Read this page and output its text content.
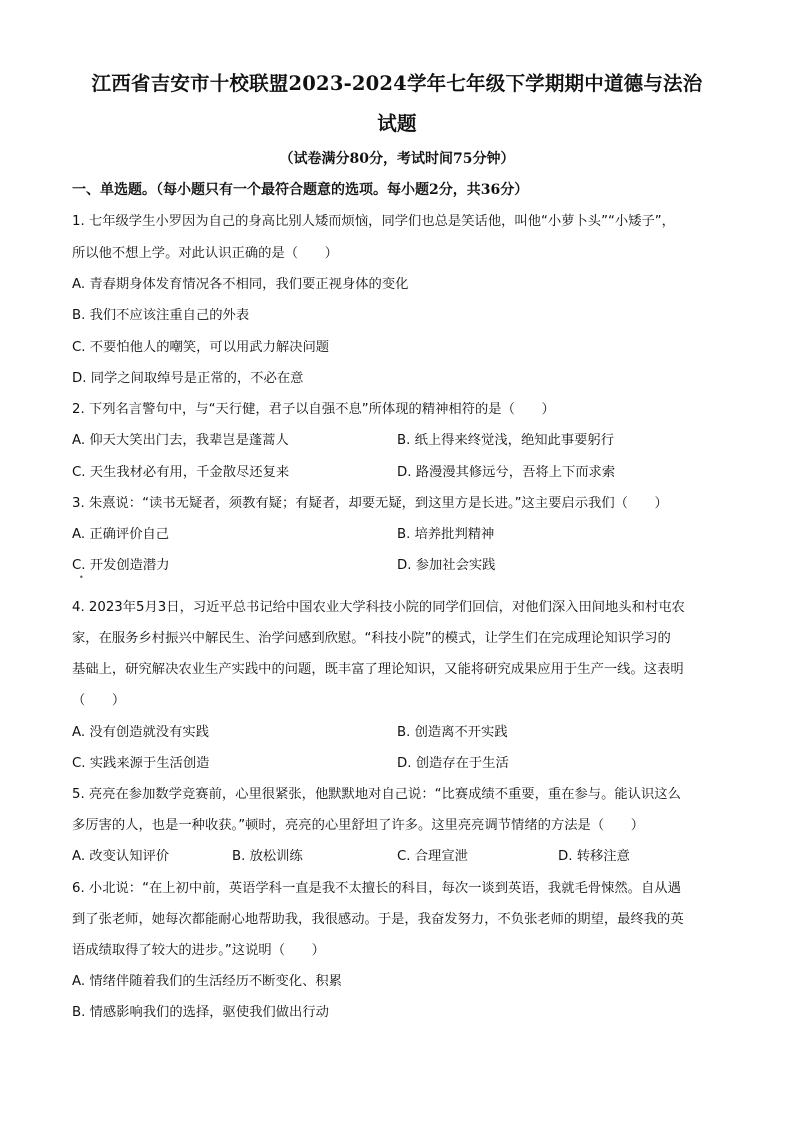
江西省吉安市十校联盟2023-2024学年七年级下学期期中道德与法治
试题
（试卷满分80分，考试时间75分钟）
一、单选题。（每小题只有一个最符合题意的选项。每小题2分，共36分）
1. 七年级学生小罗因为自己的身高比别人矮而烦恼，同学们也总是笑话他，叫他“小萝卜头”“小矮子”，
所以他不想上学。对此认识正确的是（　　）
A. 青春期身体发育情况各不相同，我们要正视身体的变化
B. 我们不应该注重自己的外表
C. 不要怕他人的嘲笑，可以用武力解决问题
D. 同学之间取绰号是正常的，不必在意
2. 下列名言警句中，与“天行健，君子以自强不息”所体现的精神相符的是（　　）
A. 仰天大笑出门去，我辈岂是蓬蒿人	B. 纸上得来终觉浅，绝知此事要躬行
C. 天生我材必有用，千金散尽还复来	D. 路漫漫其修远兮，吾将上下而求索
3. 朱熹说：“读书无疑者，须教有疑；有疑者，却要无疑，到这里方是长进。”这主要启示我们（　　）
A. 正确评价自己	B. 培养批判精神
C. 开发创造潜力	D. 参加社会实践
•
4. 2023年5月3日，习近平总书记给中国农业大学科技小院的同学们回信，对他们深入田间地头和村屯农
家，在服务乡村振兴中解民生、治学问感到欣慰。“科技小院”的模式，让学生们在完成理论知识学习的
基础上，研究解决农业生产实践中的问题，既丰富了理论知识，又能将研究成果应用于生产一线。这表明
（　　）
A. 没有创造就没有实践	B. 创造离不开实践
C. 实践来源于生活创造	D. 创造存在于生活
5. 亮亮在参加数学竞赛前，心里很紧张，他默默地对自己说：“比赛成绩不重要，重在参与。能认识这么
多厉害的人，也是一种收获。”顿时，亮亮的心里舒坦了许多。这里亮亮调节情绪的方法是（　　）
A. 改变认知评价	B. 放松训练	C. 合理宣泄	D. 转移注意
6. 小北说：“在上初中前，英语学科一直是我不太擅长的科目，每次一谈到英语，我就毛骨悚然。自从遇
到了张老师，她每次都能耐心地帮助我，我很感动。于是，我奋发努力，不负张老师的期望，最终我的英
语成绩取得了较大的进步。”这说明（　　）
A. 情绪伴随着我们的生活经历不断变化、积累
B. 情感影响我们的选择，驱使我们做出行动
